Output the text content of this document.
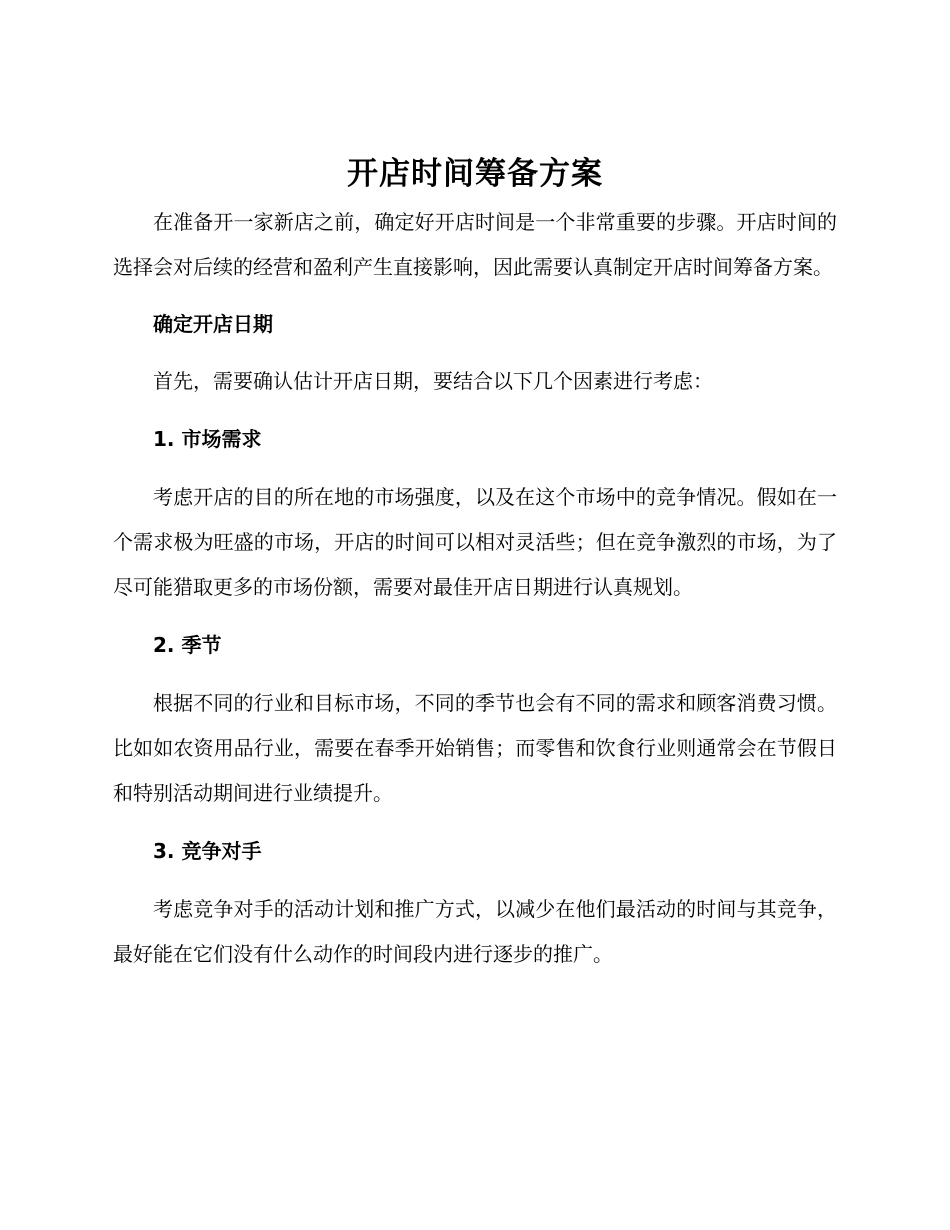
开店时间筹备方案

在准备开一家新店之前，确定好开店时间是一个非常重要的步骤。开店时间的选择会对后续的经营和盈利产生直接影响，因此需要认真制定开店时间筹备方案。

确定开店日期

首先，需要确认估计开店日期，要结合以下几个因素进行考虑：

1. 市场需求

考虑开店的目的所在地的市场强度，以及在这个市场中的竞争情况。假如在一个需求极为旺盛的市场，开店的时间可以相对灵活些；但在竞争激烈的市场，为了尽可能猎取更多的市场份额，需要对最佳开店日期进行认真规划。

2. 季节

根据不同的行业和目标市场，不同的季节也会有不同的需求和顾客消费习惯。比如如农资用品行业，需要在春季开始销售；而零售和饮食行业则通常会在节假日和特别活动期间进行业绩提升。

3. 竞争对手

考虑竞争对手的活动计划和推广方式，以减少在他们最活动的时间与其竞争，最好能在它们没有什么动作的时间段内进行逐步的推广。
